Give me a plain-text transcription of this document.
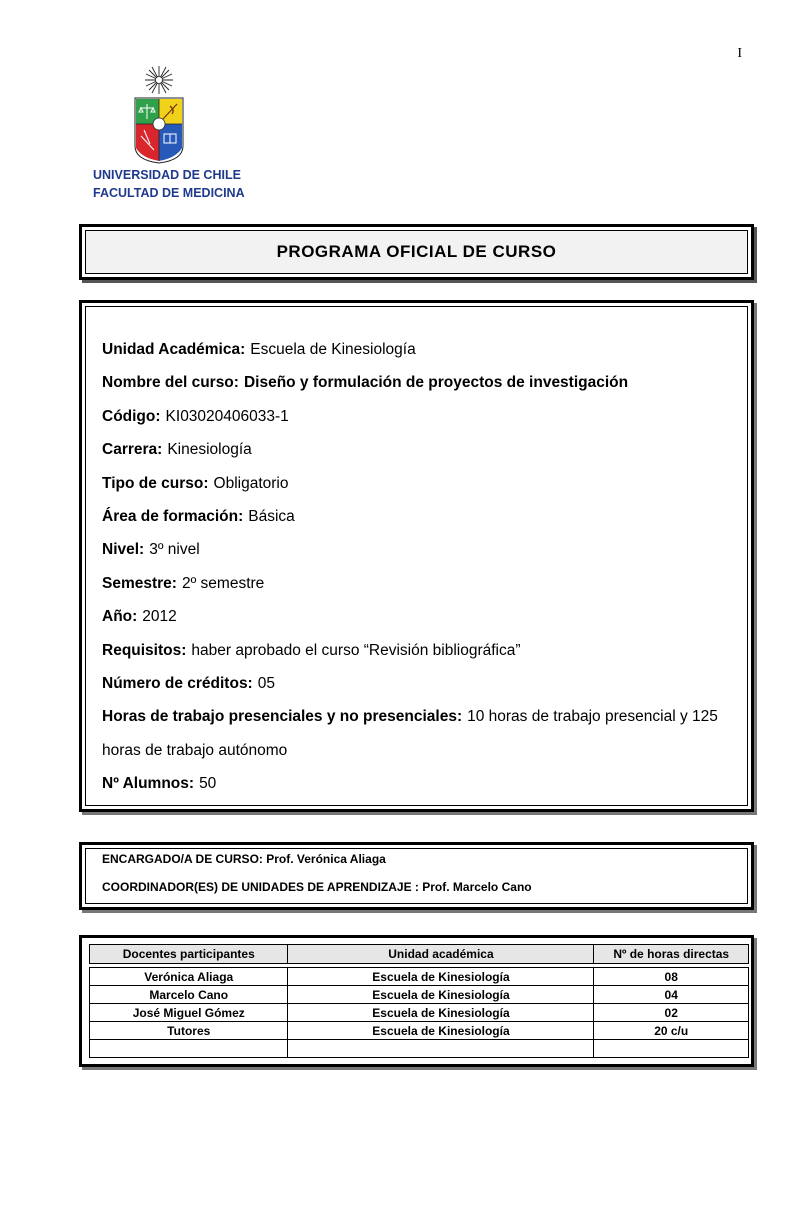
I
UNIVERSIDAD DE CHILE
FACULTAD DE MEDICINA
PROGRAMA OFICIAL DE CURSO
Unidad Académica: Escuela de Kinesiología
Nombre del curso: Diseño y formulación de proyectos de investigación
Código: KI03020406033-1
Carrera: Kinesiología
Tipo de curso: Obligatorio
Área de formación: Básica
Nivel: 3º nivel
Semestre: 2º semestre
Año: 2012
Requisitos: haber aprobado el curso “Revisión bibliográfica”
Número de créditos: 05
Horas de trabajo presenciales y no presenciales: 10 horas de trabajo presencial y 125
horas de trabajo autónomo
Nº Alumnos: 50
ENCARGADO/A DE CURSO: Prof. Verónica Aliaga
COORDINADOR(ES) DE UNIDADES DE APRENDIZAJE : Prof. Marcelo Cano
Docentes participantes	Unidad académica	Nº de horas directas

Verónica Aliaga	Escuela de Kinesiología	08
Marcelo Cano	Escuela de Kinesiología	04
José Miguel Gómez	Escuela de Kinesiología	02
Tutores	Escuela de Kinesiología	20 c/u
